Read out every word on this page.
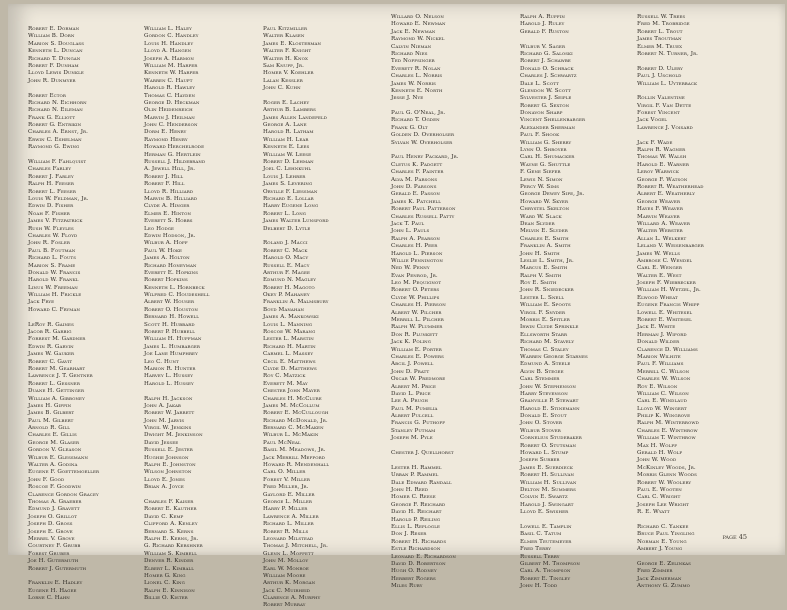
Robert E. Dorman
William B. Dorn
Marion S. Douglass
Kenneth L. Duncan
Richard T. Dungan
Robert F. Dunham
Lloyd Lewis Dunkle
John R. Dunmyer
Robert Ector
Richard N. Eichhorn
Richard N. Eileman
Frank G. Elliott
Robert G. Entrikin
Charles A. Ernst, Jr.
Erwin C. Eshelman
Raymond G. Ewing
William F. Fahlquist
Charles Farley
Robert J. Farley
Ralph H. Feeser
Robert L. Feeser
Louis W. Feldman, Jr.
Edwin D. Fisher
Noah F. Fisher
James V. Fitzpatrick
Rush W. Fleyles
Charles W. Floyd
John R. Fosler
Paul B. Foutman
Richard L. Fouts
Marion S. Frame
Donald W. Francis
Harold W. Frankl
Linus W. Freeman
William H. Frickle
Jack Frye
Howard C. Fryman
LeRoy R. Gaines
Jacob R. Garbig
Forrest M. Gardner
Edwin R. Garvin
James W. Gauker
Robert C. Gavit
Robert M. Gearhart
Lawrence J. T. Gentner
Robert L. Gessner
Duane H. Gettinger
William A. Gibboney
James H. Giffin
James B. Gilbert
Paul M. Gilbert
Arnold R. Gill
Charles E. Gillis
George M. Glaser
Gordon V. Gleason
Wilbur E. Glessmann
Walter A. Godina
Eugene F. Goettemoeller
John F. Good
Roscoe F. Goodwin
Clarence Gordon Gracey
Thomas A. Graeber
Edmund J. Gravett
Joseph O. Grillot
Joseph D. Gross
Joseph E. Grove
Merrel V. Grove
Courtney F. Grubb
Forest Gruber
Joe H. Gutermuth
Robert J. Gutermuth
Franklin E. Hadley
Eugene H. Hagee
Lorne C. Hahn
William L. Haley
Gordon C. Handley
Louis H. Handley
Lloyd A. Hangen
Joseph A. Harmon
William M. Harper
Kenneth W. Harper
Warren C. Haupt
Harold R. Hawley
Thomas C. Hayden
George D. Heckman
Olin Heidenreich
Marvin J. Heilman
John C. Henderson
Dorm E. Henry
Raymond Henry
Howard Herchelrode
Herman G. Hertlein
Russell J. Hildebrand
A. Jewell Hill, Jr.
Robert J. Hill
Robert F. Hill
Lloyd R. Hilliard
Marvin B. Hilliard
Clyde A. Hinger
Elmer E. Hinton
Everett S. Hobbs
Leo Hodge
Edwin Hodson, Jr.
Wilbur A. Hoff
Paul W. Hoke
James A. Holton
Richard Honeyman
Everett E. Hopkins
Robert Hopkins
Kenneth L. Hornbeck
Wilfred C. Houdeshell
Albert W. Houser
Robert O. Houston
Bernard H. Howell
Scott H. Hubbard
Robert P. Hubbell
William H. Huffman
James L. Humbarger
Joe Lane Humphrey
Leo C. Hunt
Marion R. Hunter
Harvey L. Hussey
Harold L. Hussey
Ralph H. Jackson
John A. Jakab
Robert W. Jarrett
John M. Jarvis
Virgil W. Jenkins
Dwight M. Jenkinson
David Jessee
Russell E. Jester
Hughie Johnson
Ralph E. Johnston
Wilson Johnston
Lloyd E. Jones
Brian A. Joyce
Charles F. Kaiser
Robert E. Kauther
David C. Kemp
Clifford A. Kenley
Bernard S. Kerns
Ralph E. Kerns, Jr.
G. Richard Kershner
William S. Kimbell
Denver R. Kinder
Elbert L. Kimball
Homer G. King
Lionel C. King
Ralph E. Kinnison
Billie O. Kister
Paul Kitzmiller
Walter Klasen
James E. Klosterman
Walter F. Knight
Walter H. Knox
Sam Knupp, Jr.
Homer V. Koehler
Lalan Kessler
John C. Kuhn
Roger E. Lachey
Arthur B. Lambers
James Allen Landefeld
George A. Lane
Harold R. Latham
William H. Lear
Kenneth E. Lees
William W. Leese
Robert D. Lehman
Joel C. Lehnkuhl
Louis J. Lehrer
James S. Levering
Orville F. Liessman
Richard E. Lollar
Harry Eugene Long
Robert L. Long
James Walter Lunsford
Delbert D. Lytle
Roland J. Macci
Robert C. Mack
Harold O. Macy
Russell E. Macy
Arthur F. Magee
Edmund N. Magley
Robert H. Magoto
Okey P. Mahaney
Franklin A. Malmsbury
Boyd Manahan
James A. Mankowski
Louis L. Manning
Roscoe W. Marang
Lester L. Marstin
Richard H. Martin
Carmel L. Massey
Cecil E. Matthews
Clyde D. Matthews
Roy C. Matzick
Everett M. May
Chester John Mayer
Charles H. McClure
James M. McCollum
Robert E. McCullough
Richard McDonald, Jr.
Bernard C. McMaken
Wilbur L. McMakin
Paul McNeal
Basil M. Meadows, Jr.
Jack Merrill Mefford
Howard R. Mendenhall
Carl O. Miller
Forest V. Miller
Fred Miller, Jr.
Gaylord E. Miller
George L. Miller
Harry P. Miller
Lawrence A. Miller
Richard L. Miller
Robert R. Mills
Leonard Milstead
Thomas J. Mitchell, Jr.
Glenn L. Moffett
John M. Molloy
Earl W. Monroe
William Moore
Arthur K. Morgan
Jack C. Muirheid
Clarence A. Murphy
Robert Murray
Willard O. Nelson
Howard E. Newman
Jack E. Newman
Raymond W. Nickel
Calvin Nieman
Richard Nies
Ted Noffsinger
Everett R. Nolan
Charles L. Norris
James W. Norris
Kenneth E. North
Jesse J. Nye
Paul G. O'Neal, Jr.
Richard T. Ogden
Frank G. Olt
Golden D. Overholser
Sylvan W. Overholser
Paul Henry Packard, Jr.
Cletus K. Padgett
Charles F. Painter
Alva M. Parsons
John D. Parsons
Gerald E. Passon
James K. Patchell
Robert Paul Patterson
Charles Russell Patty
Jack T. Paul
John L. Pauls
Ralph A. Pearson
Charles H. Peer
Harold L. Pierson
Willie Pennington
Ned W. Penny
Evan Penrod, Jr.
Leo M. Pequignot
Robert O. Peters
Clyde W. Phillips
Charles H. Pierson
Albert W. Pilcher
Merrill L. Pilcher
Ralph W. Plummer
Don R. Plunkett
Jack K. Poling
William E. Porter
Charles E. Powers
Abcil J. Powell
John D. Pratt
Oscar W. Predmore
Albert M. Price
David L. Price
Lee A. Prugh
Paul M. Pumelia
Albert Pulcell
Francis G. Puthoff
Stanley Putnam
Joseph M. Pyle
Chester J. Quellhorst
Lester H. Rammel
Urban P. Rammel
Dale Edward Randall
John H. Reed
Homer C. Reese
George F. Reichard
David H. Reichart
Harold P. Reiling
Ellis L. Replogle
Don J. Reser
Robert H. Richards
Estle Richardson
Leonard E. Richardson
David D. Robertson
Hugh O. Rodney
Herbert Rogers
Miles Ruby
Ralph A. Ruffin
Harold J. Ruley
Gerald F. Ruston
Wilbur V. Sager
Richard G. Saloski
Robert J. Schawbe
Donald O. Schrack
Charles J. Schwartz
Dale L. Scott
Glendon W. Scott
Sylvester J. Seiple
Robert G. Sexton
Donavon Sharp
Vincent Shellenbarger
Alexander Sherman
Paul F. Shook
William G. Sherry
Lynn O. Shroyer
Carl H. Shumacker
Wayne G. Shuttle
F. Gene Siefer
Lewis N. Simon
Percy W. Sims
George Dewey Sipe, Jr.
Howard W. Skyer
Chrystel Skelton
Ward W. Slack
Dean Slyder
Melvin E. Slyder
Charles E. Smith
Franklin A. Smith
John H. Smith
Leslie L. Smith, Jr.
Marcus E. Smith
Ralph V. Smith
Roy E. Smith
John R. Sniedecker
Lester L. Snell
William E. Spoots
Virgil F. Snyder
Morris E. Spitler
Irwin Clyde Sprinkle
Ellsworth Starr
Richard M. Stavely
Thomas C. Staley
Warren George Starnes
Edmund A. Steele
Alvin B. Stegee
Carl Stemmer
John W. Stephenson
Harry Stevenson
Granville P. Stewart
Harold E. Stinemann
Donald E. Stout
John O. Stover
Wilbur Stover
Cornelius Studebaker
Robert O. Stutsman
Howard L. Stump
Joseph Surber
James E. Suerdieck
Robert H. Sullivan
William H. Sullivan
Delton M. Summers
Colvin E. Swartz
Harold J. Swingart
Lloyd E. Swisher
Lowell E. Tamplin
Basil C. Tatum
Elmer Teutemeyer
Fred Terry
Russell Terry
Gilbert M. Thompson
Carl A. Thompson
Robert E. Tingley
John H. Todd
Russell W. Trees
Fred M. Trobridge
Robert L. Trout
James Troutman
Elmer M. Truex
Robert N. Turner, Jr.
Robert D. Ulery
Paul J. Uschold
William L. Uyterback
Rollin Valentine
Virgil F. Van Dette
Forest Vincent
Jack Vogel
Lawrence J. Voisard
Jack F. Wade
Ralph R. Wagner
Thomas W. Walsh
Harold E. Warner
Leroy Warwick
George F. Watson
Robert R. Weatherhead
Albert E. Weatherly
George Weaver
Hayes F. Weaver
Marvin Weaver
Willard A. Weaver
Walter Webster
Allan L. Welkert
Leland V. Weisenbarger
James W. Wells
Ambrose C. Wendel
Carl E. Wenger
Walter E. West
Joseph F. Wiebrecker
William H. Wetzel, Jr.
Elwood Wheat
Eugene Francis Whipp
Lowell E. Whitesel
Robert E. Whitesel
Jack E. White
Herman J. Wiford
Donald Wilder
Clarence D. Williams
Marion Wilhite
Paul F. Williams
Merrill C. Wilson
Charles W. Wilson
Roy E. Wilson
William C. Wilson
Carl E. Windlaud
Lloyd W. Wingert
Philip K. Wingrove
Ralph M. Winterrowd
Charles E. Winthrow
William T. Winthrow
Max H. Wolff
Gerald H. Wolf
John W. Wood
McKinley Woods, Jr.
Morris Glenn Woods
Robert W. Woolery
Paul E. Wooten
Carl C. Wright
Joseph Lee Wright
R. E. Wyatt
Richard C. Yankee
Bruce Paul Yingling
Norman E. Young
Ambert J. Young
George E. Zelinkas
Fred Zimmer
Jack Zimmerman
Anthony G. Zummo
page 45
